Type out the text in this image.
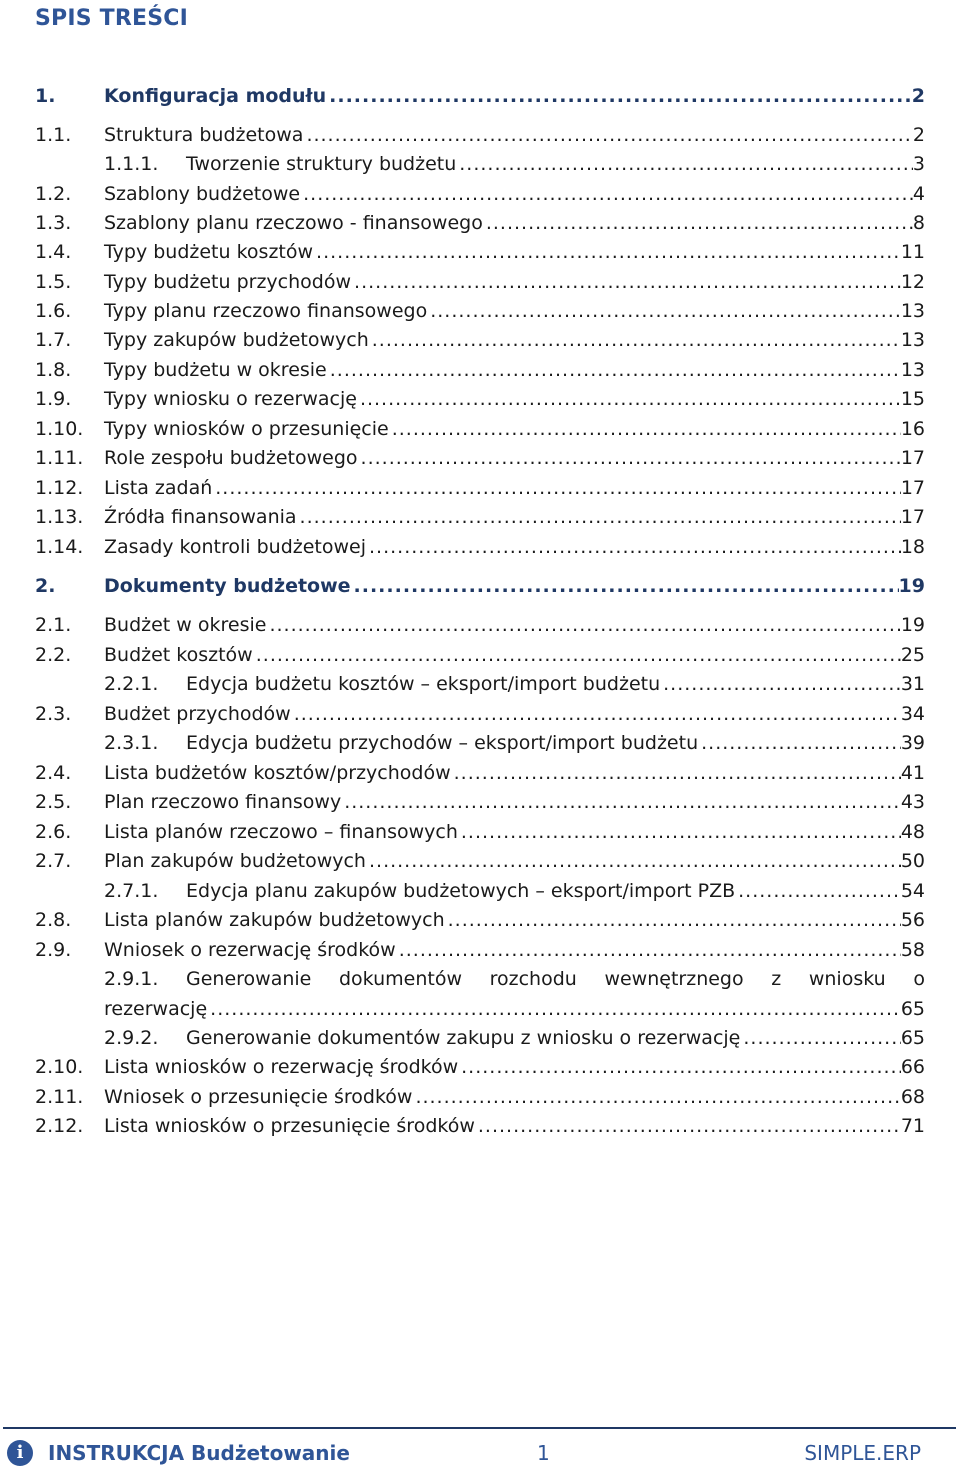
SPIS TREŚCI
1.	Konfiguracja modułu .....	2
1.1. Struktura budżetowa .....	2
1.1.1. Tworzenie struktury budżetu .....	3
1.2. Szablony budżetowe .....	4
1.3. Szablony planu rzeczowo - finansowego .....	8
1.4. Typy budżetu kosztów .....	11
1.5. Typy budżetu przychodów .....	12
1.6. Typy planu rzeczowo finansowego .....	13
1.7. Typy zakupów budżetowych .....	13
1.8. Typy budżetu w okresie .....	13
1.9. Typy wniosku o rezerwację .....	15
1.10. Typy wniosków o przesunięcie .....	16
1.11. Role zespołu budżetowego .....	17
1.12. Lista zadań .....	17
1.13. Źródła finansowania .....	17
1.14. Zasady kontroli budżetowej .....	18
2.	Dokumenty budżetowe .....	19
2.1. Budżet w okresie .....	19
2.2. Budżet kosztów .....	25
2.2.1. Edycja budżetu kosztów – eksport/import budżetu .....	31
2.3. Budżet przychodów .....	34
2.3.1. Edycja budżetu przychodów – eksport/import budżetu .....	39
2.4. Lista budżetów kosztów/przychodów .....	41
2.5. Plan rzeczowo finansowy .....	43
2.6. Lista planów rzeczowo – finansowych .....	48
2.7. Plan zakupów budżetowych .....	50
2.7.1. Edycja planu zakupów budżetowych – eksport/import PZB .....	54
2.8. Lista planów zakupów budżetowych .....	56
2.9. Wniosek o rezerwację środków .....	58
2.9.1. Generowanie dokumentów rozchodu wewnętrznego z wniosku o
rezerwację .....	65
2.9.2. Generowanie dokumentów zakupu z wniosku o rezerwację .....	65
2.10. Lista wniosków o rezerwację środków .....	66
2.11. Wniosek o przesunięcie środków .....	68
2.12. Lista wniosków o przesunięcie środków .....	71
i	INSTRUKCJA Budżetowanie	1	SIMPLE.ERP
